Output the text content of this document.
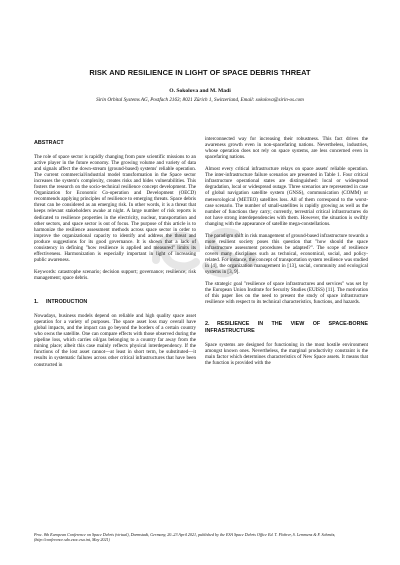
RISK AND RESILIENCE IN LIGHT OF SPACE DEBRIS THREAT
O. Sokolova and M. Madi
Sirin Orbital Systems AG, Postfach 2163; 8021 Zürich 1, Switzerland, Email: sokolova@sirin-os.com
ABSTRACT

The role of space sector is rapidly changing from pure scientific missions to an active player in the future economy. The growing volume and variety of data and signals affect the down-stream (ground-based) systems' reliable operation. The current commercial/industrial model transformation in the Space sector increases the system's complexity, creates risks and hides vulnerabilities. This fosters the research on the socio-technical resilience concept development. The Organization for Economic Co-operation and Development (OECD) recommends applying principles of resilience to emerging threats. Space debris threat can be considered as an emerging risk. In other words, it is a threat that keeps relevant stakeholders awake at night. A large number of risk reports is dedicated to resilience properties in the electricity, nuclear, transportation and other sectors, and space sector is out of focus. The purpose of this article is to harmonize the resilience assessment methods across space sector in order to improve the organizational capacity to identify and address the threat and produce suggestions for its good governance. It is shown that a lack of consistency in defining "how resilience is applied and measured" limits its effectiveness. Harmonization is especially important in light of increasing public awareness.

Keywords: catastrophe scenario; decision support; governance; resilience; risk management; space debris.

1. INTRODUCTION

Nowadays, business models depend on reliable and high quality space asset operation for a variety of purposes. The space asset loss may overall have global impacts, and the impact can go beyond the borders of a certain country who owns the satellite. One can compare effects with those observed during the pipeline loss, which carries oil/gas belonging to a country far away from the mining place; albeit this case mainly reflects physical interdependency. If the functions of the lost asset cannot—at least in short term, be substituted—it results in systematic failures across other critical infrastructures that have been constructed in

interconnected way for increasing their robustness. This fact drives the awareness growth even in non-spacefaring nations. Nevertheless, industries, whose operation does not rely on space systems, are less concerned even in spacefaring nations.

Almost every critical infrastructure relays on space assets' reliable operation. The inter-infrastructure failure scenarios are presented in Table 1. Four critical infrastructure operational states are distinguished: local or widespread degradation, local or widespread outage. Three scenarios are represented in case of global navigation satellite system (GNSS), communication (COMM) or meteorological (METEO) satellites loss. All of them correspond to the worst-case scenario. The number of small-satellites is rapidly growing as well as the number of functions they carry; currently, terrestrial critical infrastructures do not have strong interdependencies with them. However, the situation is swiftly changing with the appearance of satellite mega-constellations.

The paradigm shift in risk management of ground-based infrastructure towards a more resilient society poses this question that "how should the space infrastructure assessment procedures be adapted?". The scope of resilience covers many disciplines such as technical, economical, social, and policy-related. For instance, the concept of transportation system resilience was studied in [4], the organization management in [13], social, community and ecological systems in [3, 9].

The strategic goal "resilience of space infrastructures and services" was set by the European Union Institute for Security Studies (EUISS) [11]. The motivation of this paper lies on the need to present the study of space infrastructure resilience with respect to its technical characteristics, functions, and hazards.

2. RESILIENCE IN THE VIEW OF SPACE-BORNE INFRASTRUCTURE

Space systems are designed for functioning in the most hostile environment amongst known ones. Nevertheless, the marginal productivity constraint is the main factor which determines characteristics of New Space assets. It means that the function is provided with the

Proc. 8th European Conference on Space Debris (virtual), Darmstadt, Germany, 20–23 April 2021, published by the ESA Space Debris Office Ed. T. Flohrer, S. Lemmens & F. Schmitz, (http://conference.sdo.esoc.esa.int, May 2021)
